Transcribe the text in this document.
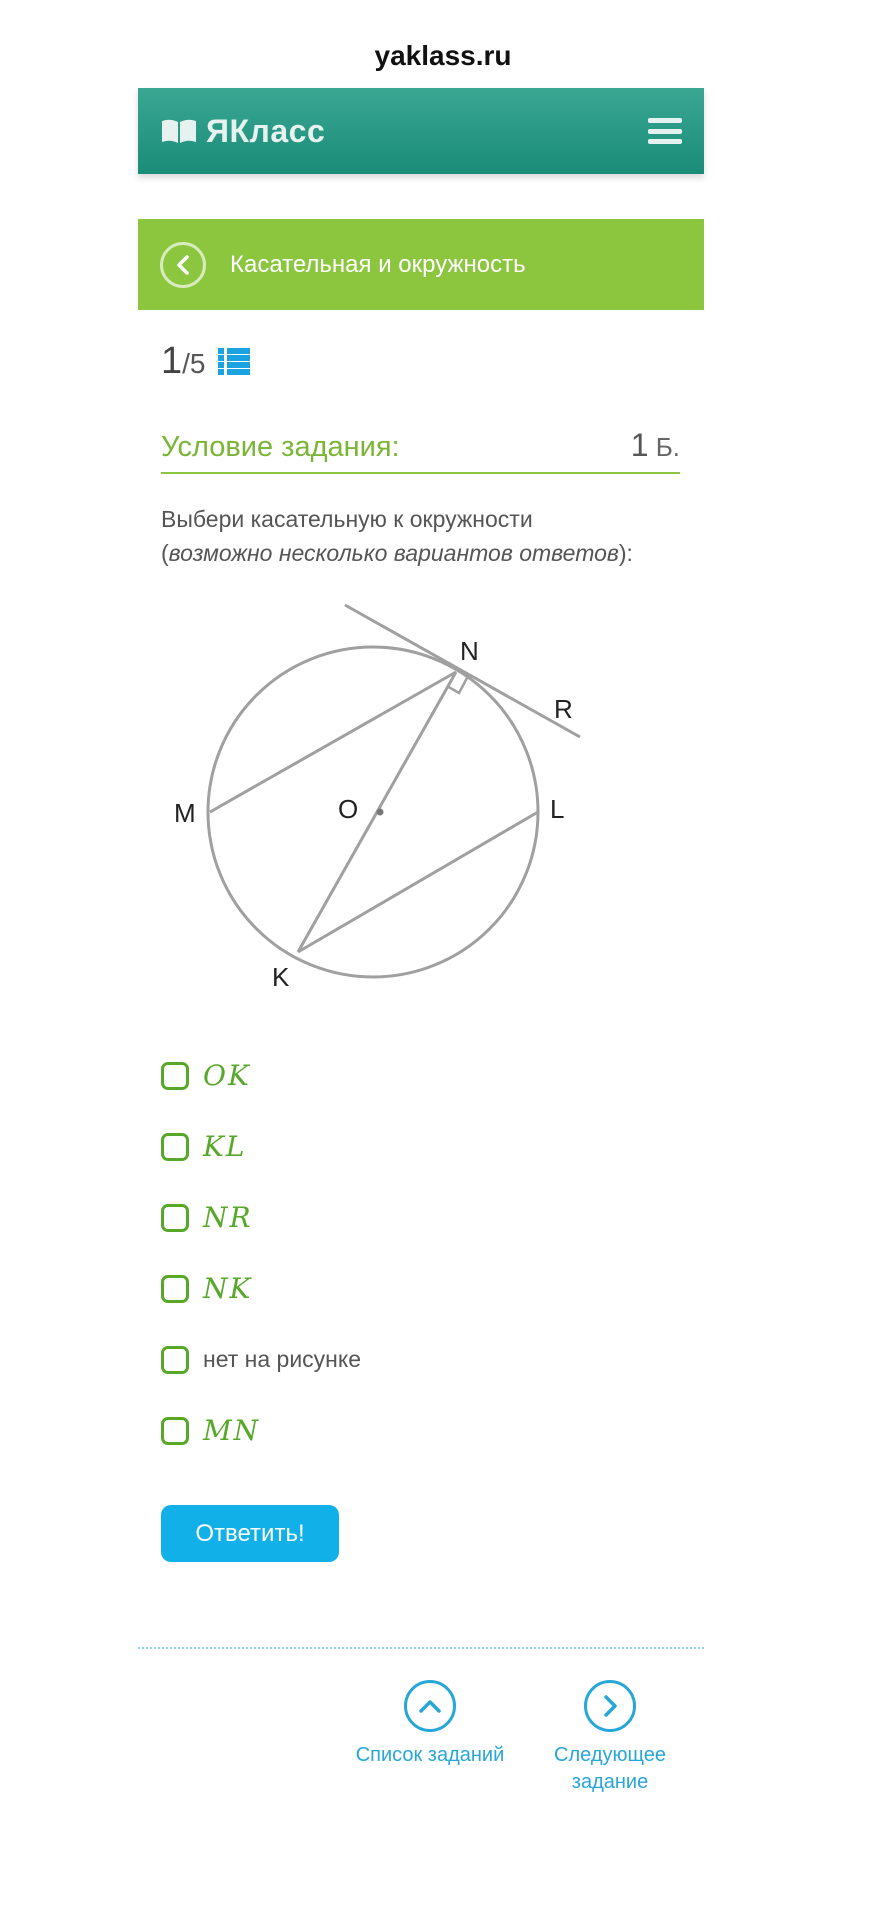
yaklass.ru
ЯКласс
Касательная и окружность
1 /5
Условие задания:	1 Б.
Выбери касательную к окружности
(возможно несколько вариантов ответов):
N
R
M	O	L
K
OK
KL
NR
NK
нет на рисунке
MN
Ответить!
Список заданий Следующее
задание
